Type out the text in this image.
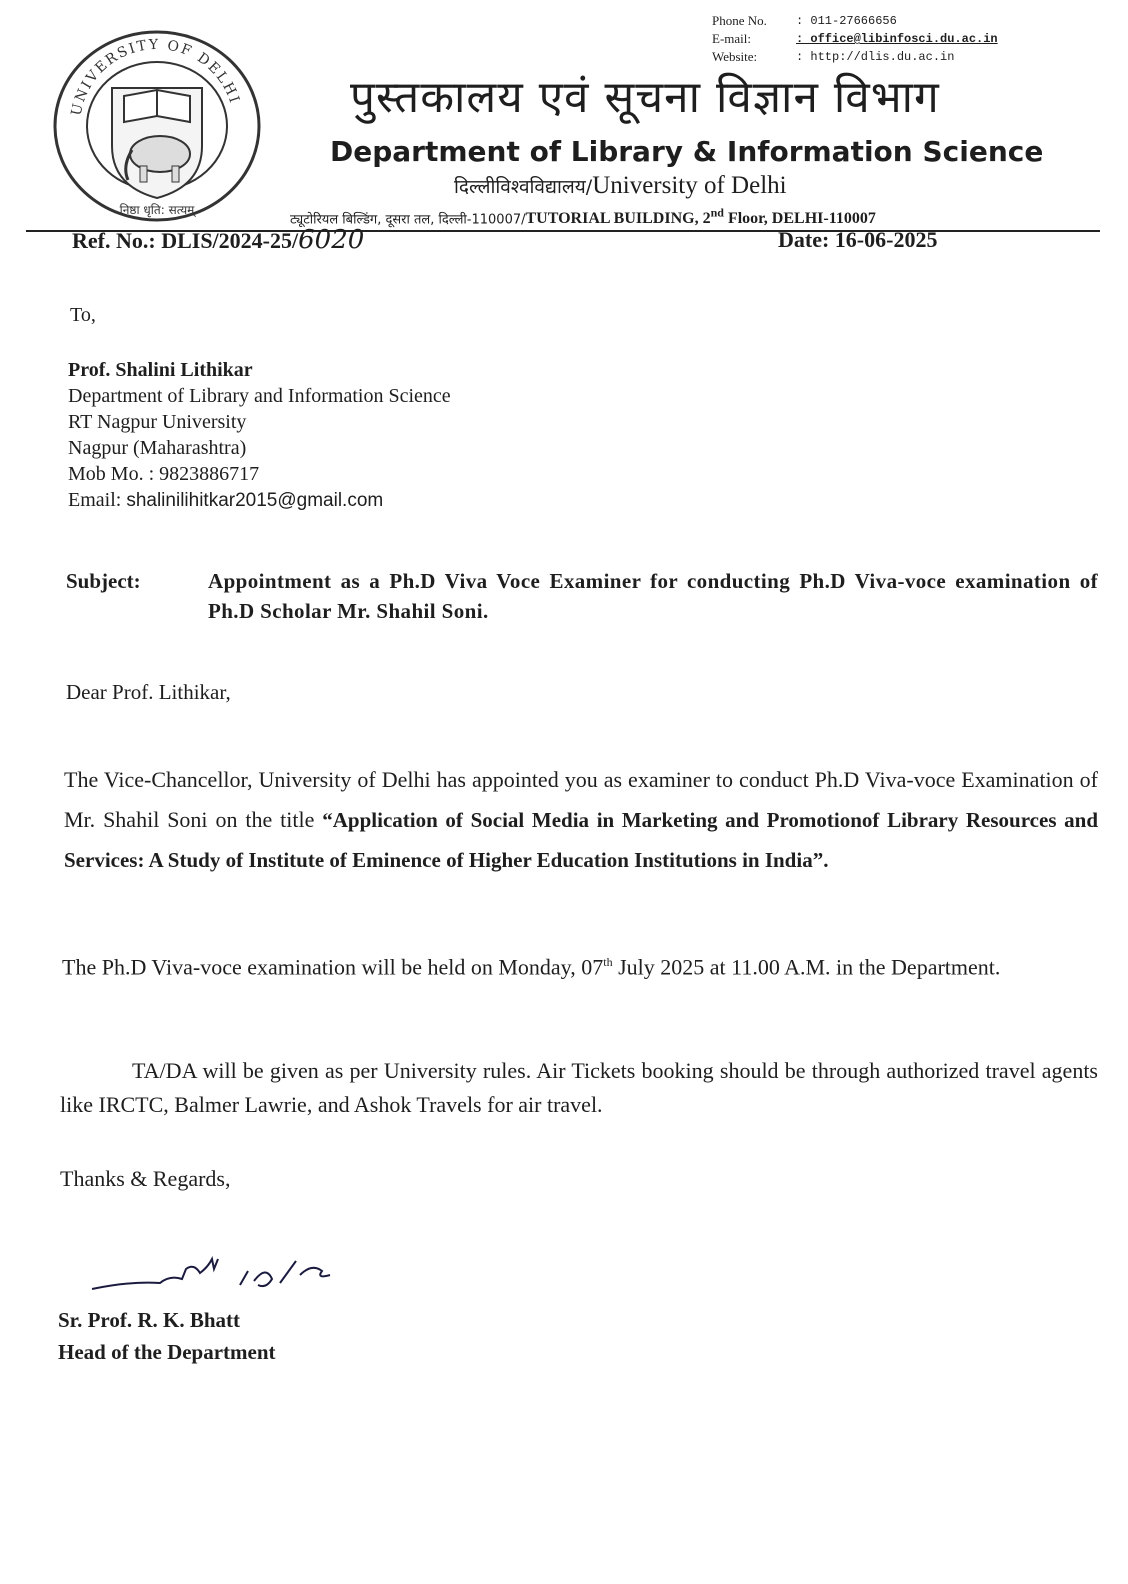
UNIVERSITY OF DELHI
निष्ठा धृति: सत्यम्
Phone No.	: 011-27666656
E-mail:	: office@libinfosci.du.ac.in
Website:	: http://dlis.du.ac.in
पुस्तकालय एवं सूचना विज्ञान विभाग
Department of Library & Information Science
दिल्लीविश्वविद्यालय/University of Delhi
ट्यूटोरियल बिल्डिंग, दूसरा तल, दिल्ली-110007/TUTORIAL BUILDING, 2nd Floor, DELHI-110007
Ref. No.: DLIS/2024-25/6020	Date: 16-06-2025
To,
Prof. Shalini Lithikar
Department of Library and Information Science
RT Nagpur University
Nagpur (Maharashtra)
Mob Mo. : 9823886717
Email: shalinilihitkar2015@gmail.com
Subject:	Appointment as a Ph.D Viva Voce Examiner for conducting Ph.D Viva-voce examination of Ph.D Scholar Mr. Shahil Soni.
Dear Prof. Lithikar,
The Vice-Chancellor, University of Delhi has appointed you as examiner to conduct Ph.D Viva-voce Examination of Mr. Shahil Soni on the title “Application of Social Media in Marketing and Promotionof Library Resources and Services: A Study of Institute of Eminence of Higher Education Institutions in India”.
The Ph.D Viva-voce examination will be held on Monday, 07th July 2025 at 11.00 A.M. in the Department.
TA/DA will be given as per University rules. Air Tickets booking should be through authorized travel agents like IRCTC, Balmer Lawrie, and Ashok Travels for air travel.
Thanks & Regards,
Sr. Prof. R. K. Bhatt
Head of the Department
